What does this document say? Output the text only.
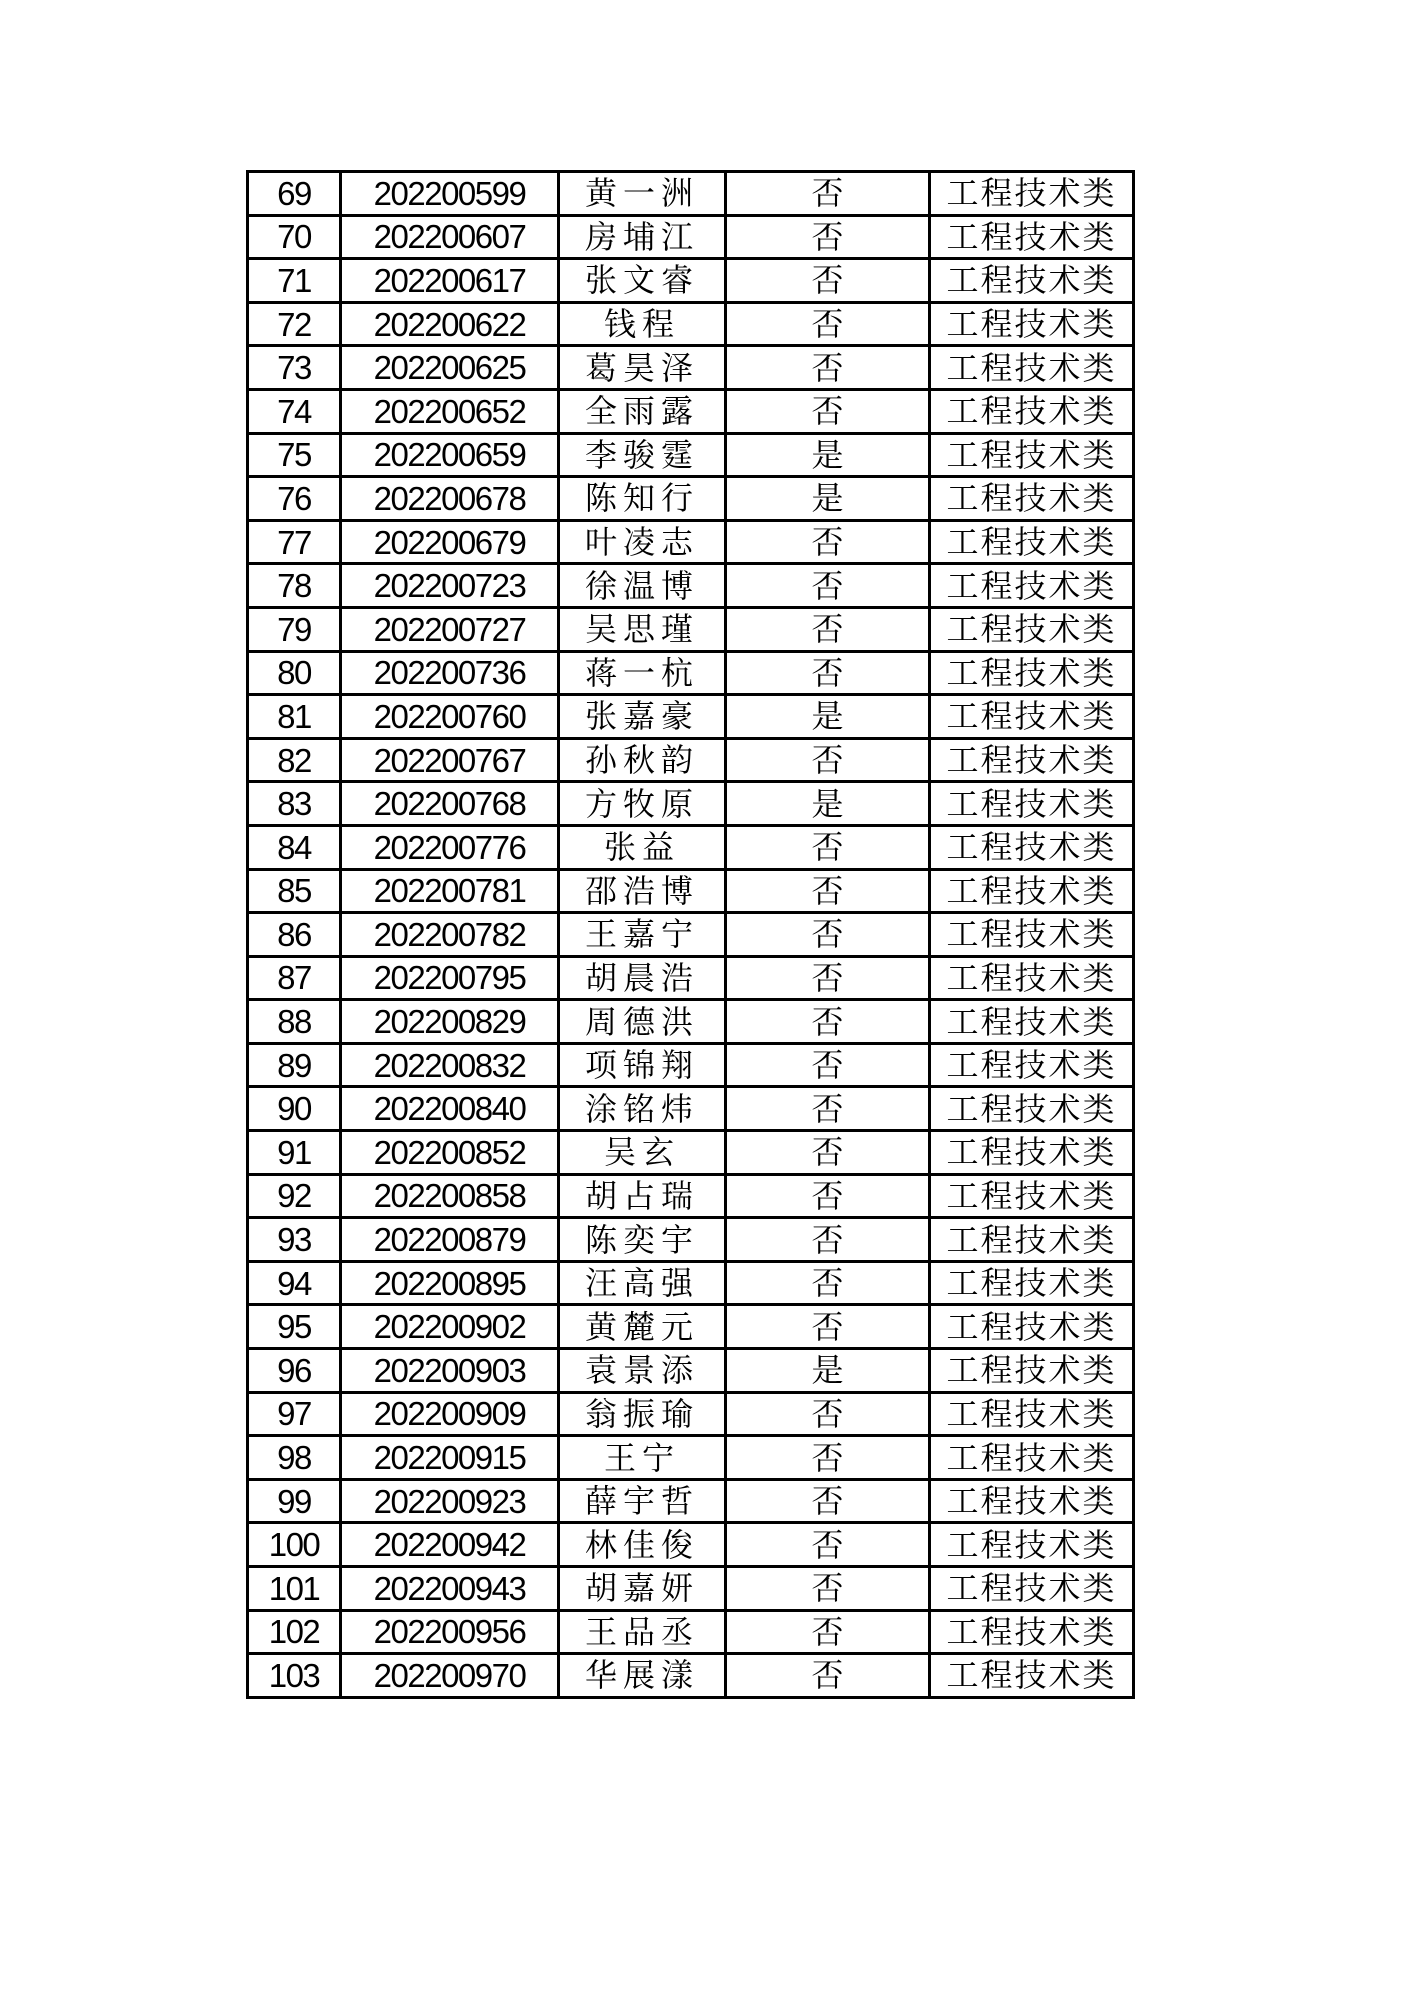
69	202200599	黄一洲	否	工程技术类
70	202200607	房埔江	否	工程技术类
71	202200617	张文睿	否	工程技术类
72	202200622	钱程	否	工程技术类
73	202200625	葛昊泽	否	工程技术类
74	202200652	全雨露	否	工程技术类
75	202200659	李骏霆	是	工程技术类
76	202200678	陈知行	是	工程技术类
77	202200679	叶凌志	否	工程技术类
78	202200723	徐温博	否	工程技术类
79	202200727	吴思瑾	否	工程技术类
80	202200736	蒋一杭	否	工程技术类
81	202200760	张嘉豪	是	工程技术类
82	202200767	孙秋韵	否	工程技术类
83	202200768	方牧原	是	工程技术类
84	202200776	张益	否	工程技术类
85	202200781	邵浩博	否	工程技术类
86	202200782	王嘉宁	否	工程技术类
87	202200795	胡晨浩	否	工程技术类
88	202200829	周德洪	否	工程技术类
89	202200832	项锦翔	否	工程技术类
90	202200840	涂铭炜	否	工程技术类
91	202200852	吴玄	否	工程技术类
92	202200858	胡占瑞	否	工程技术类
93	202200879	陈奕宇	否	工程技术类
94	202200895	汪高强	否	工程技术类
95	202200902	黄麓元	否	工程技术类
96	202200903	袁景添	是	工程技术类
97	202200909	翁振瑜	否	工程技术类
98	202200915	王宁	否	工程技术类
99	202200923	薛宇哲	否	工程技术类
100	202200942	林佳俊	否	工程技术类
101	202200943	胡嘉妍	否	工程技术类
102	202200956	王品丞	否	工程技术类
103	202200970	华展漾	否	工程技术类
